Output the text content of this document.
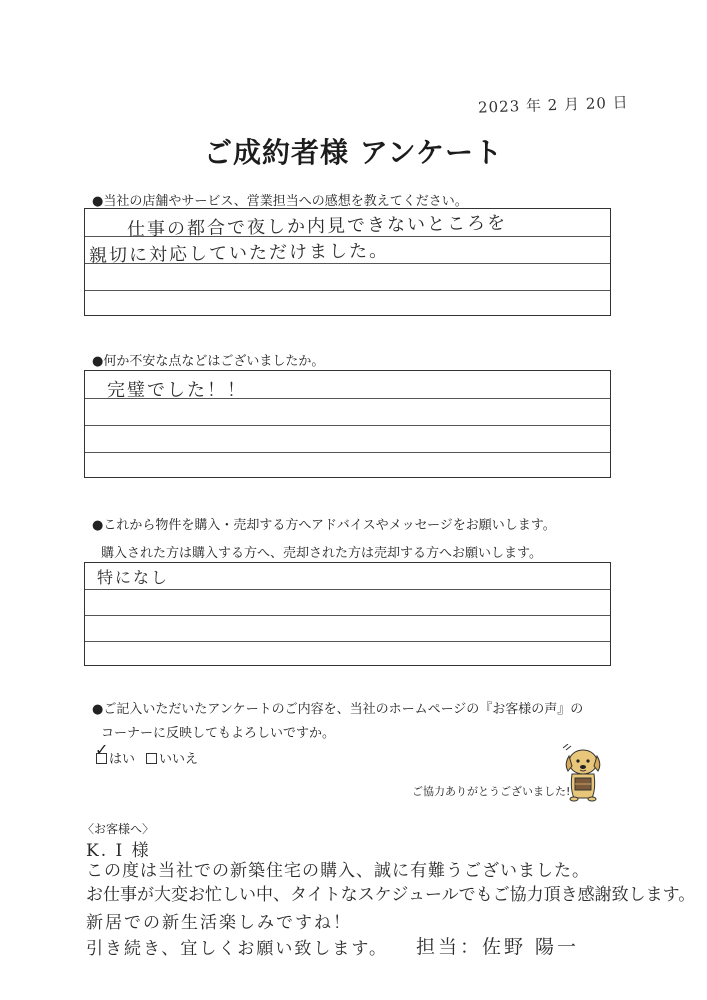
2023 年 2 月 20 日
ご成約者様 アンケート
●当社の店舗やサービス、営業担当への感想を教えてください。
仕事の都合で夜しか内見できないところを
親切に対応していただけました。
●何か不安な点などはございましたか。
完璧でした！！
●これから物件を購入・売却する方へアドバイスやメッセージをお願いします。
購入された方は購入する方へ、売却された方は売却する方へお願いします。
特になし
●ご記入いただいたアンケートのご内容を、当社のホームページの『お客様の声』の
コーナーに反映してもよろしいですか。
✓
はい	いいえ
ご協力ありがとうございました!
〈お客様へ〉
K. I 様
この度は当社での新築住宅の購入、誠に有難うございました。
お仕事が大変お忙しい中、タイトなスケジュールでもご協力頂き感謝致します。
新居での新生活楽しみですね！
引き続き、宜しくお願い致します。 担当：佐野 陽一
